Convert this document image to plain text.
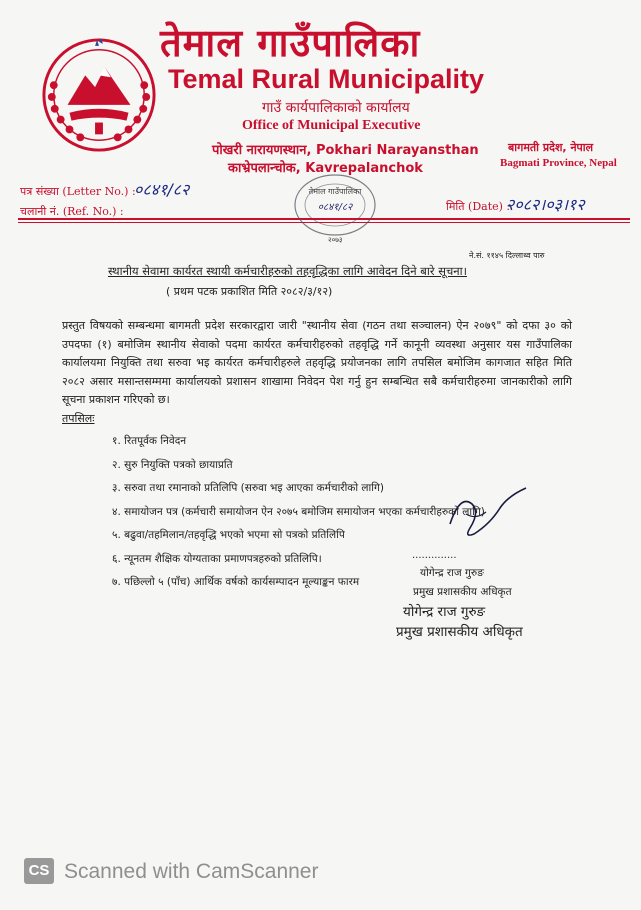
तेमाल गाउँपालिका
Temal Rural Municipality
गाउँ कार्यपालिकाको कार्यालय
Office of Municipal Executive
पोखरी नारायणस्थान, Pokhari Narayansthan
काभ्रेपलान्चोक, Kavrepalanchok
बागमती प्रदेश, नेपाल
Bagmati Province, Nepal
पत्र संख्या (Letter No.) :
०८४१/८२
चलानी नं. (Ref. No.) :	मिति (Date) :
२०८२।०३।१२
तेमाल गाउँपालिका
०८४१/८२
२०७३
ने.सं. ११४५ दिल्लाथ्व पारु
स्थानीय सेवामा कार्यरत स्थायी कर्मचारीहरुको तहवृद्धिका लागि आवेदन दिने बारे सूचना।
( प्रथम पटक प्रकाशित मिति २०८२/३/१२)

प्रस्तुत विषयको सम्बन्धमा बागमती प्रदेश सरकारद्वारा जारी "स्थानीय सेवा (गठन तथा सञ्चालन) ऐन २०७९" को दफा ३० को उपदफा (१) बमोजिम स्थानीय सेवाको पदमा कार्यरत कर्मचारीहरुको तहवृद्धि गर्ने कानूनी व्यवस्था अनुसार यस गाउँपालिका कार्यालयमा नियुक्ति तथा सरुवा भइ कार्यरत कर्मचारीहरुले तहवृद्धि प्रयोजनका लागि तपसिल बमोजिम कागजात सहित मिति २०८२ असार मसान्तसम्ममा कार्यालयको प्रशासन शाखामा निवेदन पेश गर्नु हुन सम्बन्धित सबै कर्मचारीहरुमा जानकारीको लागि सूचना प्रकाशन गरिएको छ।

तपसिलः
१. रितपूर्वक निवेदन
२. सुरु नियुक्ति पत्रको छायाप्रति
३. सरुवा तथा रमानाको प्रतिलिपि (सरुवा भइ आएका कर्मचारीको लागि)
४. समायोजन पत्र (कर्मचारी समायोजन ऐन २०७५ बमोजिम समायोजन भएका कर्मचारीहरुको लागि)
५. बढुवा/तहमिलान/तहवृद्धि भएको भएमा सो पत्रको प्रतिलिपि
६. न्यूनतम शैक्षिक योग्यताका प्रमाणपत्रहरुको प्रतिलिपि।
७. पछिल्लो ५ (पाँच) आर्थिक वर्षको कार्यसम्पादन मूल्याङ्कन फारम
..............
योगेन्द्र राज गुरुङ
प्रमुख प्रशासकीय अधिकृत
योगेन्द्र राज गुरुङ
प्रमुख प्रशासकीय अधिकृत
CS Scanned with CamScanner
